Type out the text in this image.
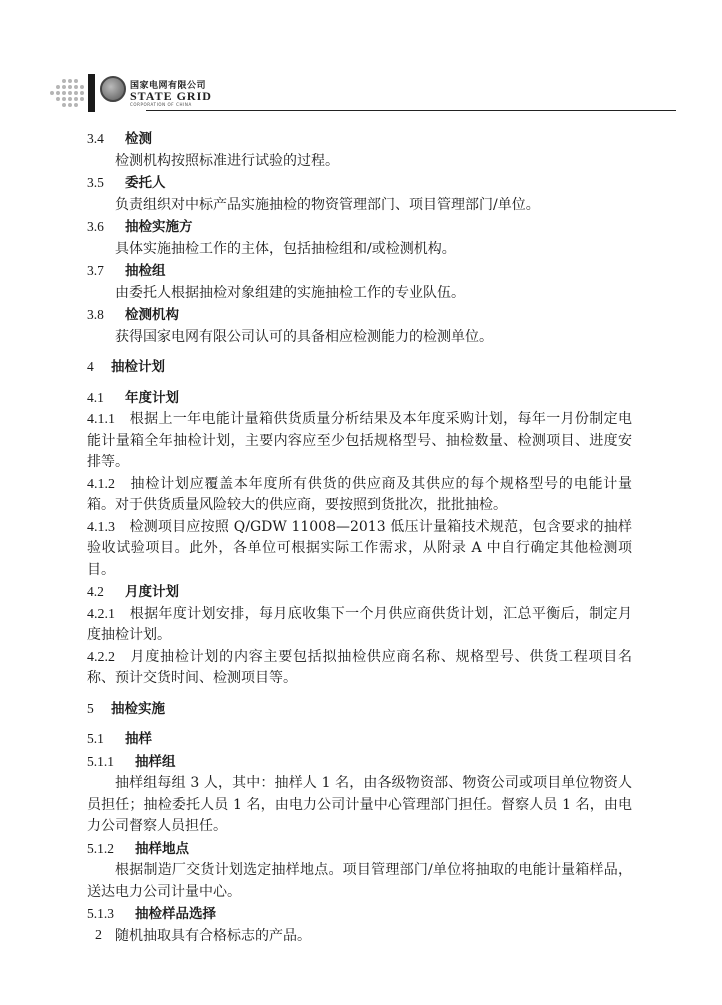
国家电网有限公司
STATE GRID
CORPORATION OF CHINA
3.4 检测
检测机构按照标准进行试验的过程。
3.5 委托人
负责组织对中标产品实施抽检的物资管理部门、项目管理部门/单位。
3.6 抽检实施方
具体实施抽检工作的主体，包括抽检组和/或检测机构。
3.7 抽检组
由委托人根据抽检对象组建的实施抽检工作的专业队伍。
3.8 检测机构
获得国家电网有限公司认可的具备相应检测能力的检测单位。
4 抽检计划
4.1 年度计划
4.1.1　 根据上一年电能计量箱供货质量分析结果及本年度采购计划，每年一月份制定电能计量箱全年抽检计划，主要内容应至少包括规格型号、抽检数量、检测项目、进度安排等。
4.1.2　 抽检计划应覆盖本年度所有供货的供应商及其供应的每个规格型号的电能计量箱。对于供货质量风险较大的供应商，要按照到货批次，批批抽检。
4.1.3　 检测项目应按照 Q/GDW 11008—2013 低压计量箱技术规范，包含要求的抽样验收试验项目。此外，各单位可根据实际工作需求，从附录 A 中自行确定其他检测项目。
4.2 月度计划
4.2.1　 根据年度计划安排，每月底收集下一个月供应商供货计划，汇总平衡后，制定月度抽检计划。
4.2.2　 月度抽检计划的内容主要包括拟抽检供应商名称、规格型号、供货工程项目名称、预计交货时间、检测项目等。
5 抽检实施
5.1 抽样
5.1.1 抽样组
抽样组每组 3 人，其中：抽样人 1 名，由各级物资部、物资公司或项目单位物资人员担任；抽检委托人员 1 名，由电力公司计量中心管理部门担任。督察人员 1 名，由电力公司督察人员担任。
5.1.2 抽样地点
根据制造厂交货计划选定抽样地点。项目管理部门/单位将抽取的电能计量箱样品，送达电力公司计量中心。
5.1.3 抽检样品选择
随机抽取具有合格标志的产品。
2
